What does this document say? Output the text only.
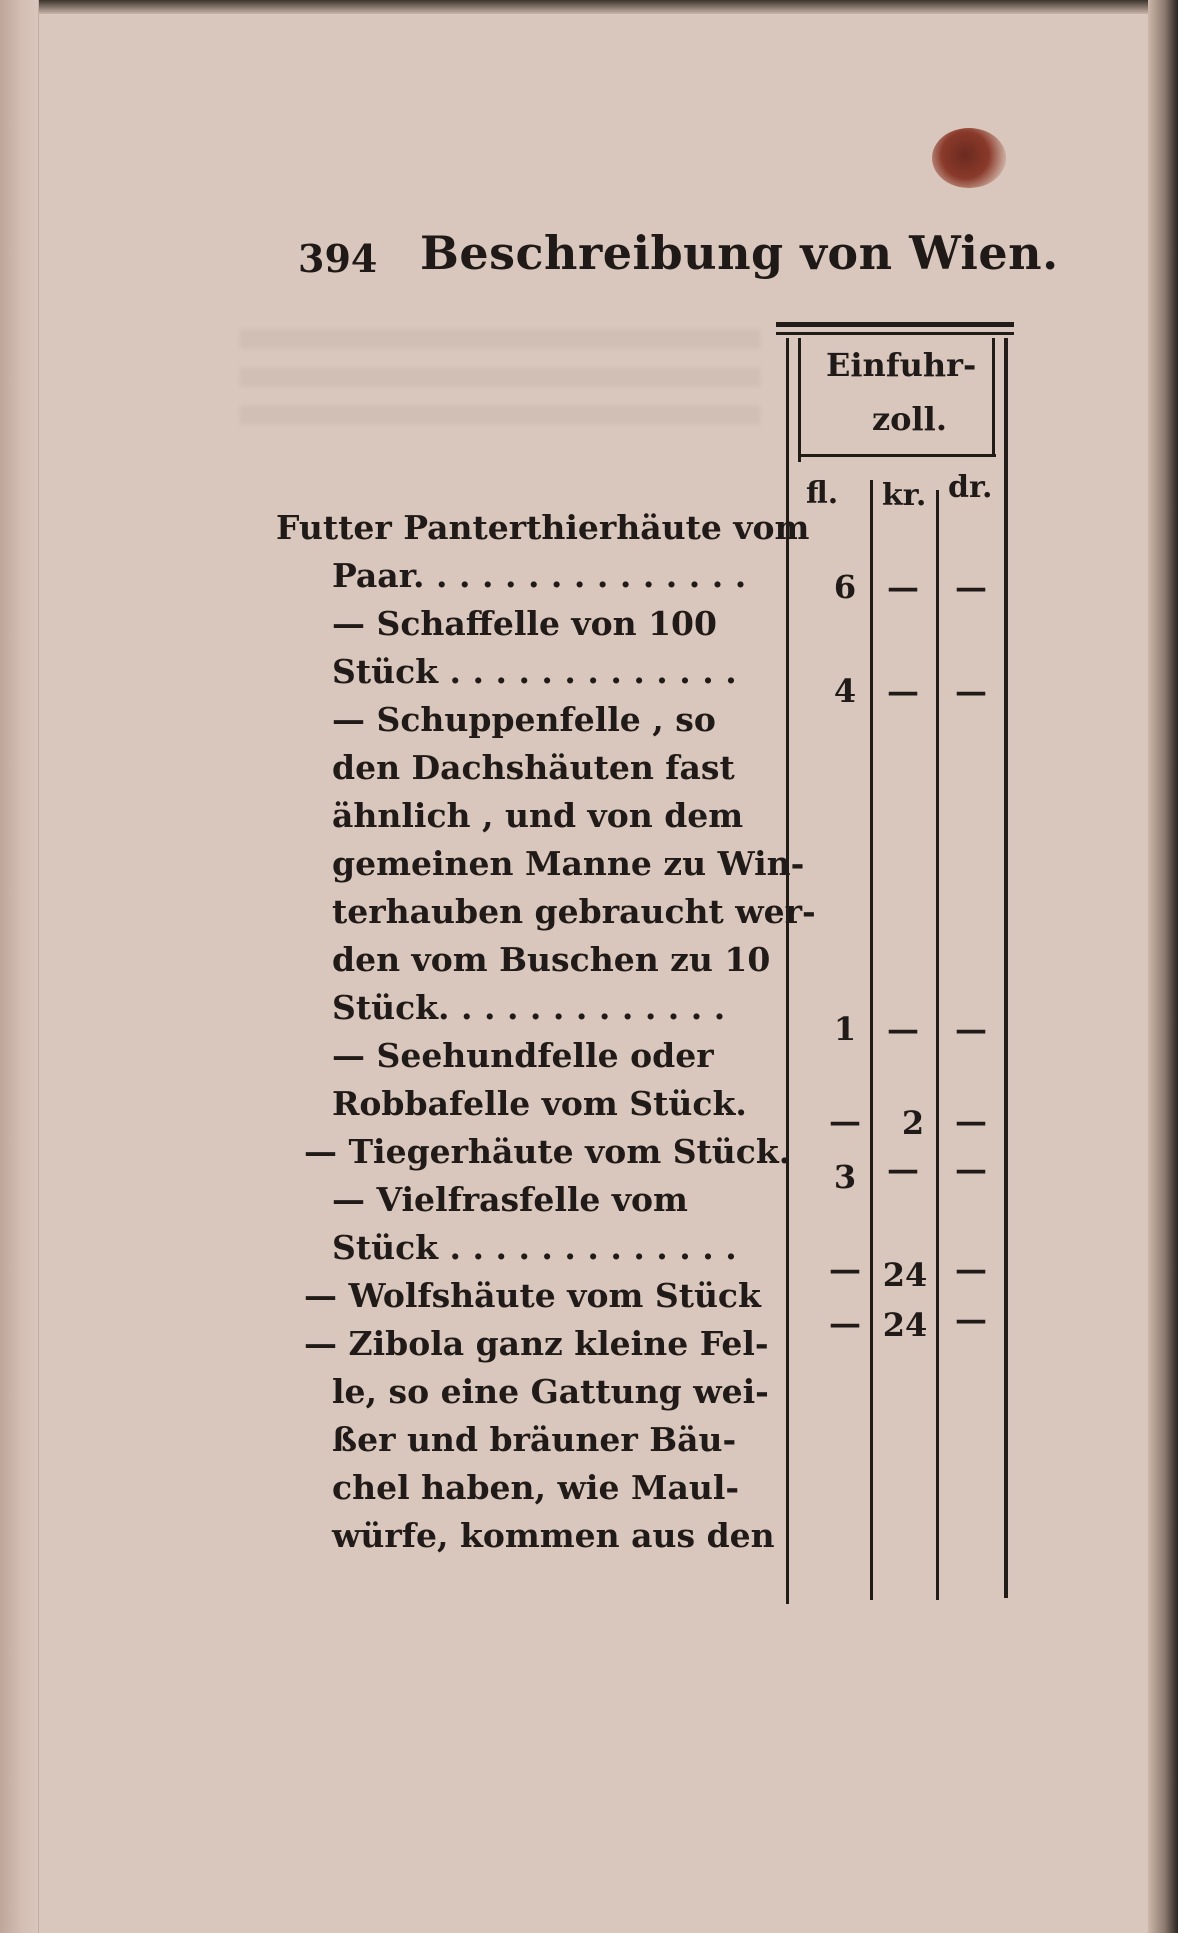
394 Beschreibung von Wien.
Einfuhr-
zoll.
fl. kr. dr.
Futter Panterthierhäute vom
Paar. . . . . . . . . . . . . . .
— Schaffelle von 100
Stück . . . . . . . . . . . . .
— Schuppenfelle , so
den Dachshäuten fast
ähnlich , und von dem
gemeinen Manne zu Win-
terhauben gebraucht wer-
den vom Buschen zu 10
Stück. . . . . . . . . . . . .
— Seehundfelle oder
Robbafelle vom Stück.
— Tiegerhäute vom Stück.
— Vielfrasfelle vom
Stück . . . . . . . . . . . . .
— Wolfshäute vom Stück
— Zibola ganz kleine Fel-
le, so eine Gattung wei-
ßer und bräuner Bäu-
chel haben, wie Maul-
würfe, kommen aus den
6 — —
4 — —
1 — —
—	2 —
3 — —
— 24 —
— 24 —
